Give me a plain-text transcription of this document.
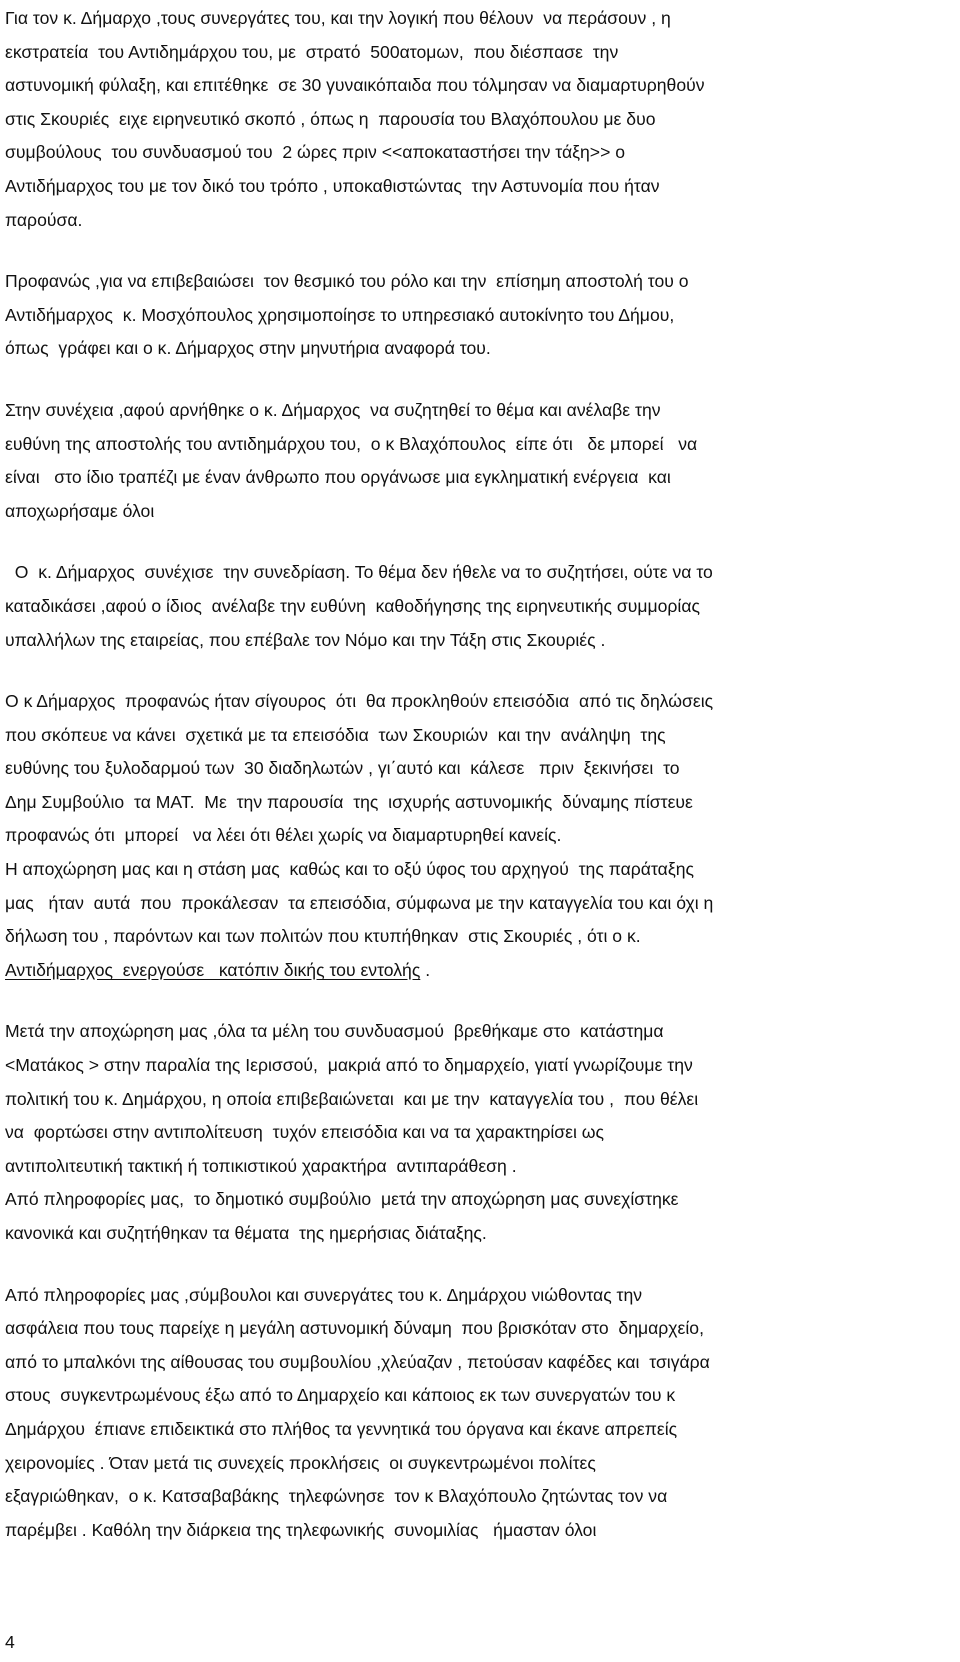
Για τον κ. Δήμαρχο ,τους συνεργάτες του, και την λογική που θέλουν  να περάσουν , η
εκστρατεία  του Αντιδημάρχου του, με  στρατό  500ατομων,  που διέσπασε  την
αστυνομική φύλαξη, και επιτέθηκε  σε 30 γυναικόπαιδα που τόλμησαν να διαμαρτυρηθούν
στις Σκουριές  ειχε ειρηνευτικό σκοπό , όπως η  παρουσία του Βλαχόπουλου με δυο
συμβούλους  του συνδυασμού του  2 ώρες πριν <<αποκαταστήσει την τάξη>> ο
Αντιδήμαρχος του με τον δικό του τρόπο , υποκαθιστώντας  την Αστυνομία που ήταν
παρούσα.
Προφανώς ,για να επιβεβαιώσει  τον θεσμικό του ρόλο και την  επίσημη αποστολή του ο
Αντιδήμαρχος  κ. Μοσχόπουλος χρησιμοποίησε το υπηρεσιακό αυτοκίνητο του Δήμου,
όπως  γράφει και ο κ. Δήμαρχος στην μηνυτήρια αναφορά του.
Στην συνέχεια ,αφού αρνήθηκε ο κ. Δήμαρχος  να συζητηθεί το θέμα και ανέλαβε την
ευθύνη της αποστολής του αντιδημάρχου του,  ο κ Βλαχόπουλος  είπε ότι   δε μπορεί   να
είναι   στο ίδιο τραπέζι με έναν άνθρωπο που οργάνωσε μια εγκληματική ενέργεια  και
αποχωρήσαμε όλοι
Ο  κ. Δήμαρχος  συνέχισε  την συνεδρίαση. Το θέμα δεν ήθελε να το συζητήσει, ούτε να το
καταδικάσει ,αφού ο ίδιος  ανέλαβε την ευθύνη  καθοδήγησης της ειρηνευτικής συμμορίας
υπαλλήλων της εταιρείας, που επέβαλε τον Νόμο και την Τάξη στις Σκουριές .
Ο κ Δήμαρχος  προφανώς ήταν σίγουρος  ότι  θα προκληθούν επεισόδια  από τις δηλώσεις
που σκόπευε να κάνει  σχετικά με τα επεισόδια  των Σκουριών  και την  ανάληψη  της
ευθύνης του ξυλοδαρμού των  30 διαδηλωτών , γι΄αυτό και  κάλεσε   πριν  ξεκινήσει  το
Δημ Συμβούλιο  τα ΜΑΤ.  Με  την παρουσία  της  ισχυρής αστυνομικής  δύναμης πίστευε
προφανώς ότι  μπορεί   να λέει ότι θέλει χωρίς να διαμαρτυρηθεί κανείς.
Η αποχώρηση μας και η στάση μας  καθώς και το οξύ ύφος του αρχηγού  της παράταξης
μας   ήταν  αυτά  που  προκάλεσαν  τα επεισόδια, σύμφωνα με την καταγγελία του και όχι η
δήλωση του , παρόντων και των πολιτών που κτυπήθηκαν  στις Σκουριές , ότι ο κ.
Αντιδήμαρχος  ενεργούσε   κατόπιν δικής του εντολής .
Μετά την αποχώρηση μας ,όλα τα μέλη του συνδυασμού  βρεθήκαμε στο  κατάστημα
<Ματάκος > στην παραλία της Ιερισσού,  μακριά από το δημαρχείο, γιατί γνωρίζουμε την
πολιτική του κ. Δημάρχου, η οποία επιβεβαιώνεται  και με την  καταγγελία του ,  που θέλει
να  φορτώσει στην αντιπολίτευση  τυχόν επεισόδια και να τα χαρακτηρίσει ως
αντιπολιτευτική τακτική ή τοπικιστικού χαρακτήρα  αντιπαράθεση .
Από πληροφορίες μας,  το δημοτικό συμβούλιο  μετά την αποχώρηση μας συνεχίστηκε
κανονικά και συζητήθηκαν τα θέματα  της ημερήσιας διάταξης.
Από πληροφορίες μας ,σύμβουλοι και συνεργάτες του κ. Δημάρχου νιώθοντας την
ασφάλεια που τους παρείχε η μεγάλη αστυνομική δύναμη  που βρισκόταν στο  δημαρχείο,
από το μπαλκόνι της αίθουσας του συμβουλίου ,χλεύαζαν , πετούσαν καφέδες και  τσιγάρα
στους  συγκεντρωμένους έξω από το Δημαρχείο και κάποιος εκ των συνεργατών του κ
Δημάρχου  έπιανε επιδεικτικά στο πλήθος τα γεννητικά του όργανα και έκανε απρεπείς
χειρονομίες . Όταν μετά τις συνεχείς προκλήσεις  οι συγκεντρωμένοι πολίτες
εξαγριώθηκαν,  ο κ. Κατσαβαβάκης  τηλεφώνησε  τον κ Βλαχόπουλο ζητώντας τον να
παρέμβει . Καθόλη την διάρκεια της τηλεφωνικής  συνομιλίας   ήμασταν όλοι
4
